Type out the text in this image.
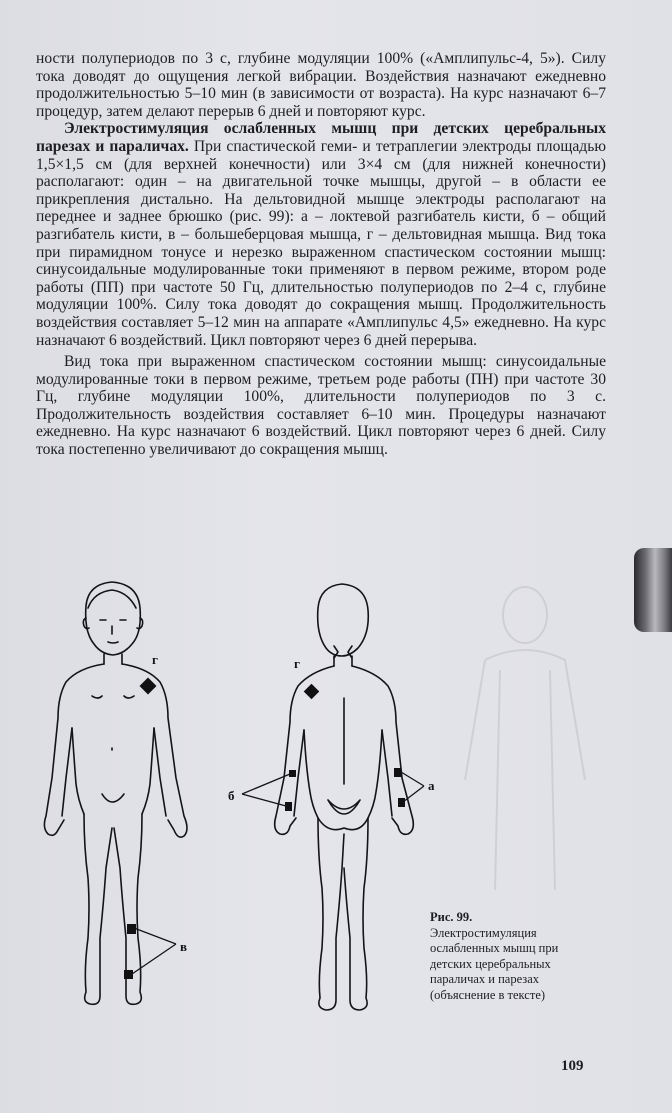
ности полупериодов по 3 с, глубине модуляции 100% («Амплипульс-4, 5»). Силу тока доводят до ощущения легкой вибрации. Воздействия назначают ежедневно продолжительностью 5–10 мин (в зависимости от возраста). На курс назначают 6–7 процедур, затем делают перерыв 6 дней и повторяют курс.

Электростимуляция ослабленных мышц при детских церебральных парезах и параличах. При спастической геми- и тетраплегии электроды площадью 1,5×1,5 см (для верхней конечности) или 3×4 см (для нижней конечности) располагают: один – на двигательной точке мышцы, другой – в области ее прикрепления дистально. На дельтовидной мышце электроды располагают на переднее и заднее брюшко (рис. 99): а – локтевой разгибатель кисти, б – общий разгибатель кисти, в – большеберцовая мышца, г – дельтовидная мышца. Вид тока при пирамидном тонусе и нерезко выраженном спастическом состоянии мышц: синусоидальные модулированные токи применяют в первом режиме, втором роде работы (ПП) при частоте 50 Гц, длительностью полупериодов по 2–4 с, глубине модуляции 100%. Силу тока доводят до сокращения мышц. Продолжительность воздействия составляет 5–12 мин на аппарате «Амплипульс 4,5» ежедневно. На курс назначают 6 воздействий. Цикл повторяют через 6 дней перерыва.

Вид тока при выраженном спастическом состоянии мышц: синусоидальные модулированные токи в первом режиме, третьем роде работы (ПН) при частоте 30 Гц, глубине модуляции 100%, длительности полупериодов по 3 с. Продолжительность воздействия составляет 6–10 мин. Процедуры назначают ежедневно. На курс назначают 6 воздействий. Цикл повторяют через 6 дней. Силу тока постепенно увеличивают до сокращения мышц.

г	г
б
а
в
Рис. 99.
Электростимуляция ослабленных мышц при детских церебральных параличах и парезах (объяснение в тексте)
109
